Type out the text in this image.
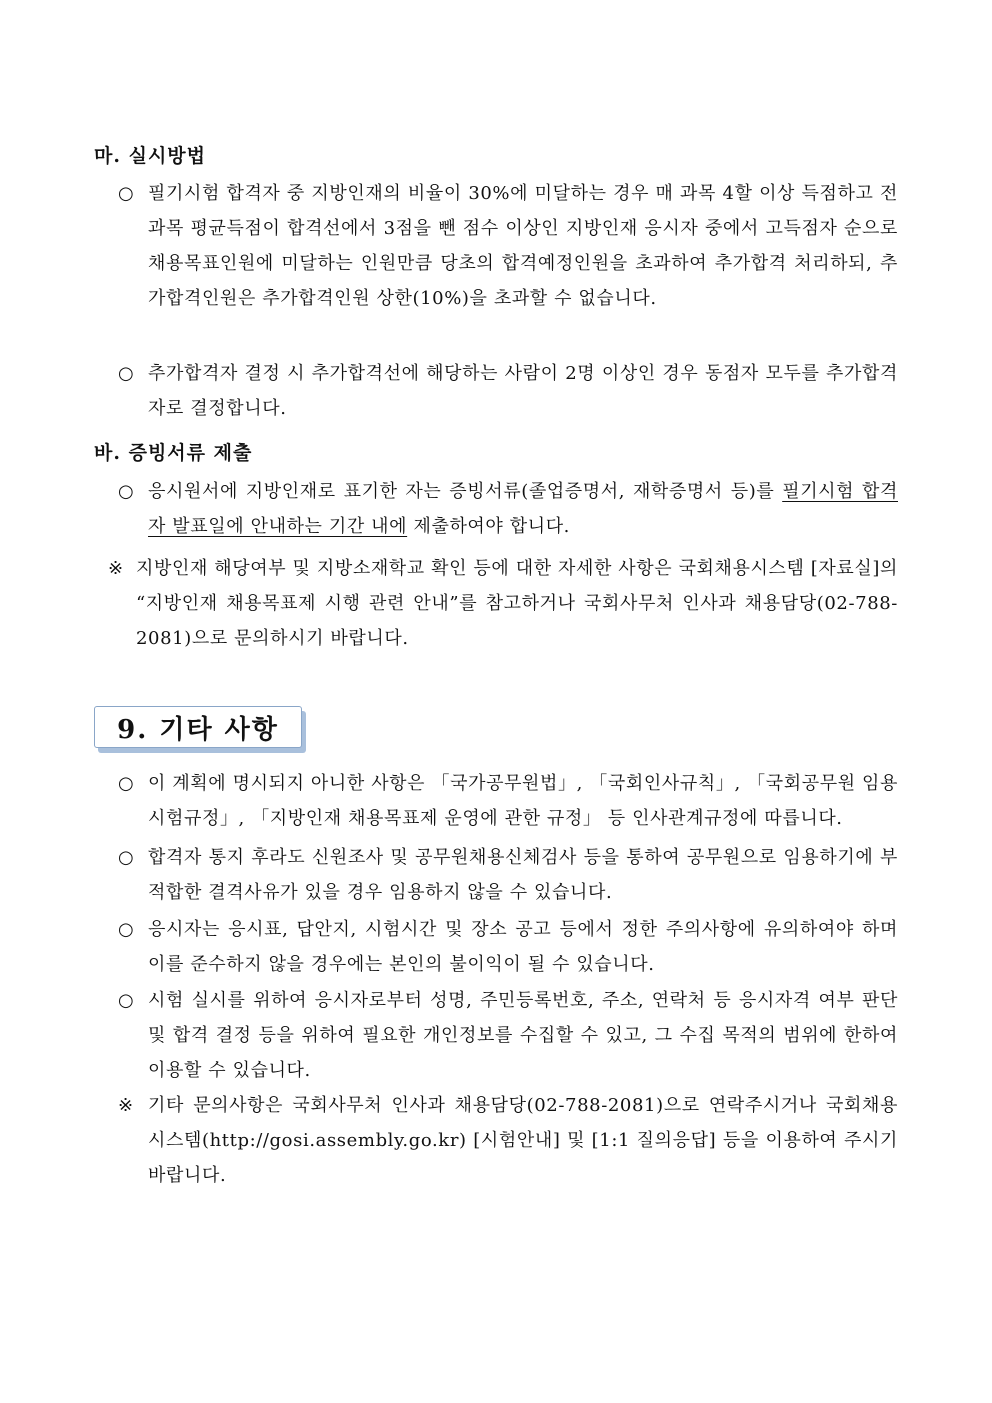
마. 실시방법
○ 필기시험 합격자 중 지방인재의 비율이 30%에 미달하는 경우 매 과목 4할 이상 득점하고 전 과목 평균득점이 합격선에서 3점을 뺀 점수 이상인 지방인재 응시자 중에서 고득점자 순으로 채용목표인원에 미달하는 인원만큼 당초의 합격예정인원을 초과하여 추가합격 처리하되, 추가합격인원은 추가합격인원 상한(10%)을 초과할 수 없습니다.
○ 추가합격자 결정 시 추가합격선에 해당하는 사람이 2명 이상인 경우 동점자 모두를 추가합격자로 결정합니다.
바. 증빙서류 제출
○ 응시원서에 지방인재로 표기한 자는 증빙서류(졸업증명서, 재학증명서 등)를 필기시험 합격자 발표일에 안내하는 기간 내에 제출하여야 합니다.
※ 지방인재 해당여부 및 지방소재학교 확인 등에 대한 자세한 사항은 국회채용시스템 [자료실]의 “지방인재 채용목표제 시행 관련 안내”를 참고하거나 국회사무처 인사과 채용담당(02-788-2081)으로 문의하시기 바랍니다.
9. 기타 사항
○ 이 계획에 명시되지 아니한 사항은 「국가공무원법」, 「국회인사규칙」, 「국회공무원 임용시험규정」, 「지방인재 채용목표제 운영에 관한 규정」 등 인사관계규정에 따릅니다.
○ 합격자 통지 후라도 신원조사 및 공무원채용신체검사 등을 통하여 공무원으로 임용하기에 부적합한 결격사유가 있을 경우 임용하지 않을 수 있습니다.
○ 응시자는 응시표, 답안지, 시험시간 및 장소 공고 등에서 정한 주의사항에 유의하여야 하며 이를 준수하지 않을 경우에는 본인의 불이익이 될 수 있습니다.
○ 시험 실시를 위하여 응시자로부터 성명, 주민등록번호, 주소, 연락처 등 응시자격 여부 판단 및 합격 결정 등을 위하여 필요한 개인정보를 수집할 수 있고, 그 수집 목적의 범위에 한하여 이용할 수 있습니다.
※ 기타 문의사항은 국회사무처 인사과 채용담당(02-788-2081)으로 연락주시거나 국회채용시스템(http://gosi.assembly.go.kr) [시험안내] 및 [1:1 질의응답] 등을 이용하여 주시기 바랍니다.
